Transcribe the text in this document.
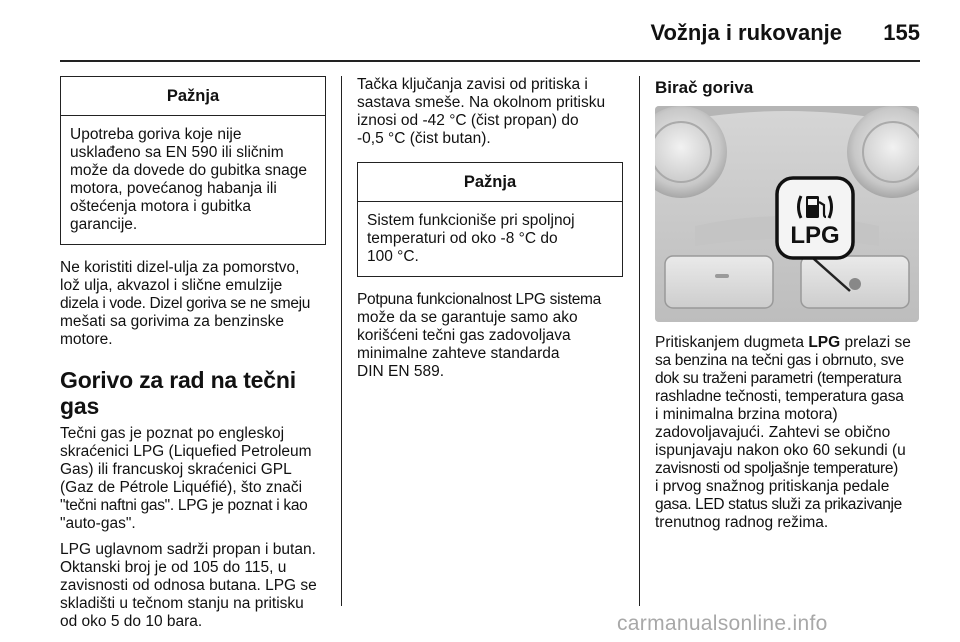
Vožnja i rukovanje 155
Pažnja

Upotreba goriva koje nije

usklađeno sa EN 590 ili sličnim

može da dovede do gubitka snage

motora, povećanog habanja ili

oštećenja motora i gubitka

garancije.

Ne koristiti dizel-ulja za pomorstvo,

lož ulja, akvazol i slične emulzije

dizela i vode. Dizel goriva se ne smeju

mešati sa gorivima za benzinske

motore.

Gorivo za rad na tečni gas

Tečni gas je poznat po engleskoj

skraćenici LPG (Liquefied Petroleum

Gas) ili francuskoj skraćenici GPL

(Gaz de Pétrole Liquéfié), što znači

"tečni naftni gas". LPG je poznat i kao

"auto-gas".

LPG uglavnom sadrži propan i butan.

Oktanski broj je od 105 do 115, u

zavisnosti od odnosa butana. LPG se

skladišti u tečnom stanju na pritisku

od oko 5 do 10 bara.

Tačka ključanja zavisi od pritiska i

sastava smeše. Na okolnom pritisku

iznosi od -42 °C (čist propan) do

-0,5 °C (čist butan).

Pažnja

Sistem funkcioniše pri spoljnoj

temperaturi od oko -8 °C do

100 °C.

Potpuna funkcionalnost LPG sistema

može da se garantuje samo ako

korišćeni tečni gas zadovoljava

minimalne zahteve standarda

DIN EN 589.

Birač goriva
LPG

Pritiskanjem dugmeta LPG prelazi se

sa benzina na tečni gas i obrnuto, sve

dok su traženi parametri (temperatura

rashladne tečnosti, temperatura gasa

i minimalna brzina motora)

zadovoljavajući. Zahtevi se obično

ispunjavaju nakon oko 60 sekundi (u

zavisnosti od spoljašnje temperature)

i prvog snažnog pritiskanja pedale

gasa. LED status služi za prikazivanje

trenutnog radnog režima.

carmanualsonline.info
